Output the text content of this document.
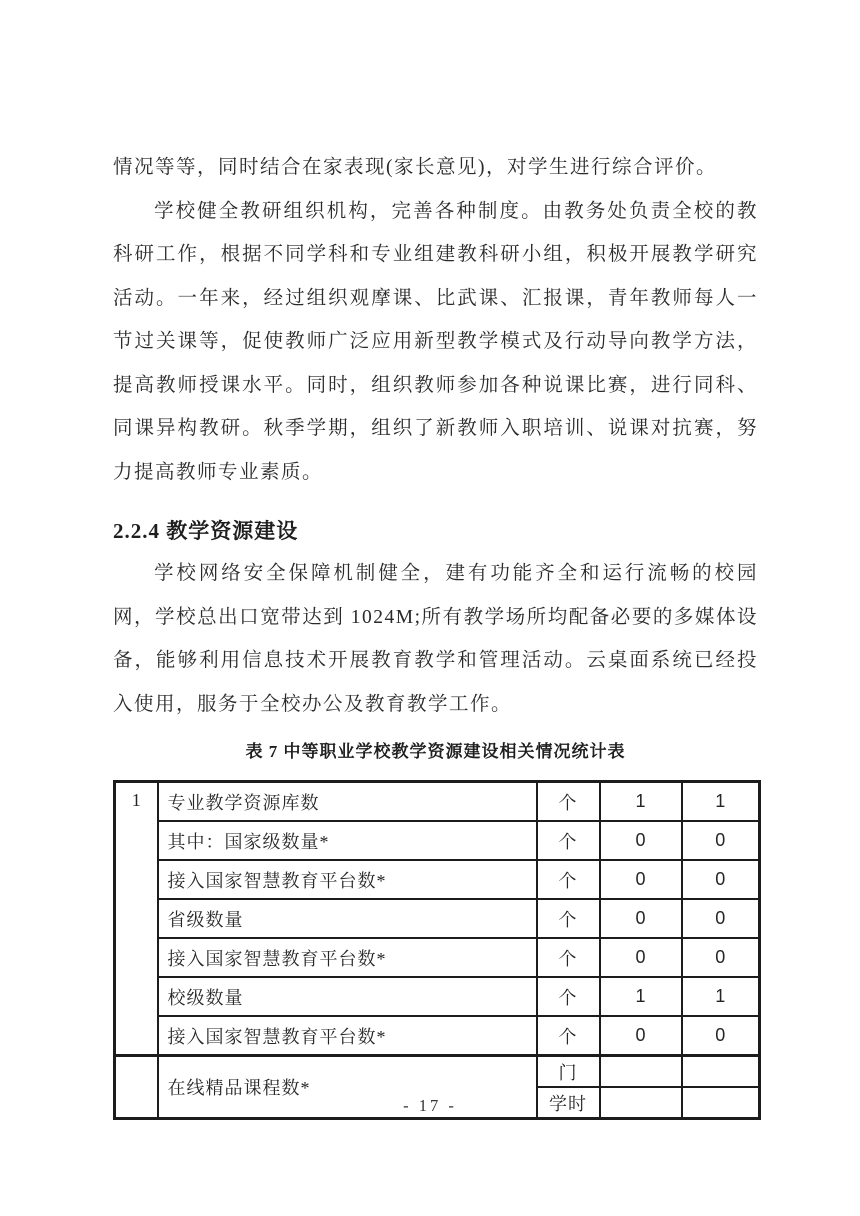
情况等等，同时结合在家表现(家长意见)，对学生进行综合评价。

学校健全教研组织机构，完善各种制度。由教务处负责全校的教科研工作，根据不同学科和专业组建教科研小组，积极开展教学研究活动。一年来，经过组织观摩课、比武课、汇报课，青年教师每人一节过关课等，促使教师广泛应用新型教学模式及行动导向教学方法，提高教师授课水平。同时，组织教师参加各种说课比赛，进行同科、同课异构教研。秋季学期，组织了新教师入职培训、说课对抗赛，努力提高教师专业素质。

2.2.4 教学资源建设

学校网络安全保障机制健全，建有功能齐全和运行流畅的校园网，学校总出口宽带达到 1024M;所有教学场所均配备必要的多媒体设备，能够利用信息技术开展教育教学和管理活动。云桌面系统已经投入使用，服务于全校办公及教育教学工作。

表 7 中等职业学校教学资源建设相关情况统计表
1	专业教学资源库数	个	1	1
	其中：国家级数量*	个	0	0
	接入国家智慧教育平台数*	个	0	0
	省级数量	个	0	0
	接入国家智慧教育平台数*	个	0	0
	校级数量	个	1	1
	接入国家智慧教育平台数*	个	0	0
	在线精品课程数*	门		
		学时		
- 17 -
